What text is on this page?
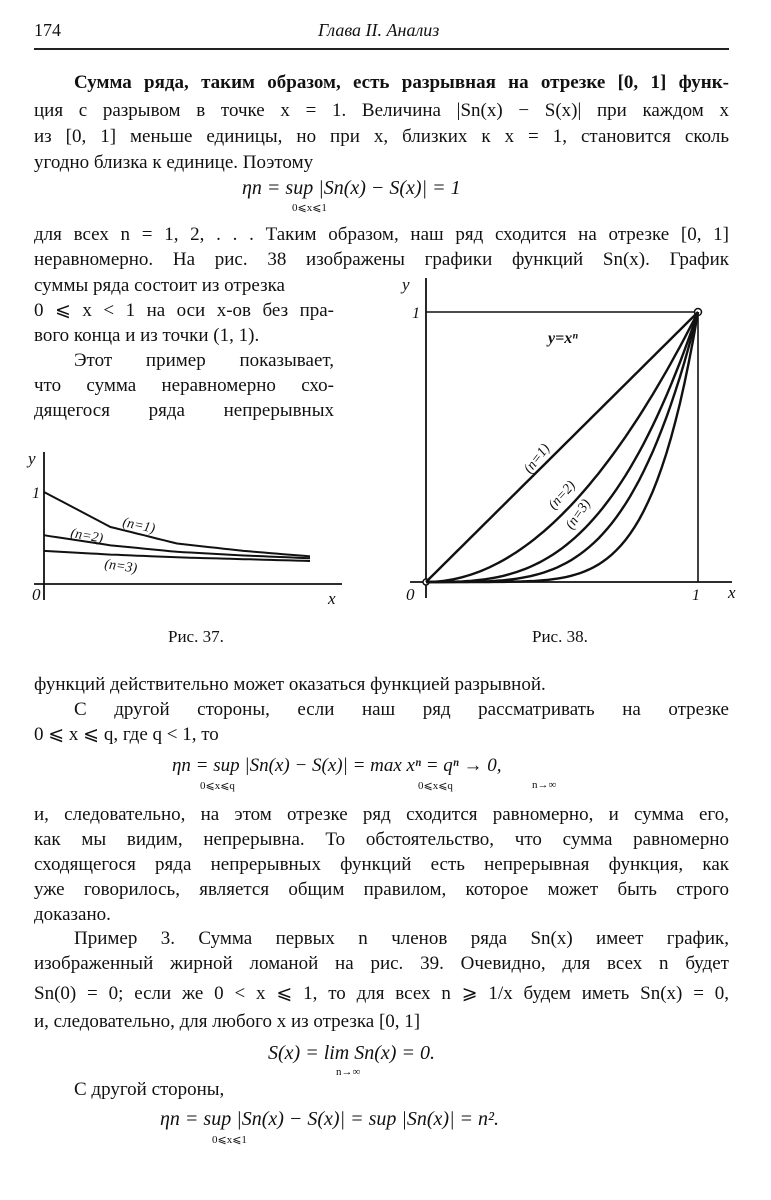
174	Глава II. Анализ
Сумма ряда, таким образом, есть разрывная на отрезке [0, 1] функ-
ция с разрывом в точке x = 1. Величина |Sn(x) − S(x)| при каждом x
из [0, 1] меньше единицы, но при x, близких к x = 1, становится сколь
угодно близка к единице. Поэтому
ηn = sup |Sn(x) − S(x)| = 1
0⩽x⩽1
для всех n = 1, 2, . . . Таким образом, наш ряд сходится на отрезке [0, 1]
неравномерно. На рис. 38 изображены графики функций Sn(x). График
суммы ряда состоит из отрезка
0 ⩽ x < 1 на оси x-ов без пра-
вого конца и из точки (1, 1).
Этот пример показывает,
что сумма неравномерно схо-
дящегося ряда непрерывных
y
x
0
1
(n=1)
(n=2)
(n=3)
Рис. 37.
y
x
0
1
1
y=xⁿ
(n=1)
(n=2)
(n=3)
Рис. 38.
функций действительно может оказаться функцией разрывной.
С другой стороны, если наш ряд рассматривать на отрезке
0 ⩽ x ⩽ q, где q < 1, то
ηn = sup |Sn(x) − S(x)| = max xⁿ = qⁿ → 0,
0⩽x⩽q	0⩽x⩽q	n→∞
и, следовательно, на этом отрезке ряд сходится равномерно, и сумма его,
как мы видим, непрерывна. То обстоятельство, что сумма равномерно
сходящегося ряда непрерывных функций есть непрерывная функция, как
уже говорилось, является общим правилом, которое может быть строго
доказано.
Пример 3. Сумма первых n членов ряда Sn(x) имеет график,
изображенный жирной ломаной на рис. 39. Очевидно, для всех n будет
Sn(0) = 0; если же 0 < x ⩽ 1, то для всех n ⩾ 1/x будем иметь Sn(x) = 0,
и, следовательно, для любого x из отрезка [0, 1]
S(x) = lim Sn(x) = 0.
n→∞
С другой стороны,
ηn = sup |Sn(x) − S(x)| = sup |Sn(x)| = n².
0⩽x⩽1
